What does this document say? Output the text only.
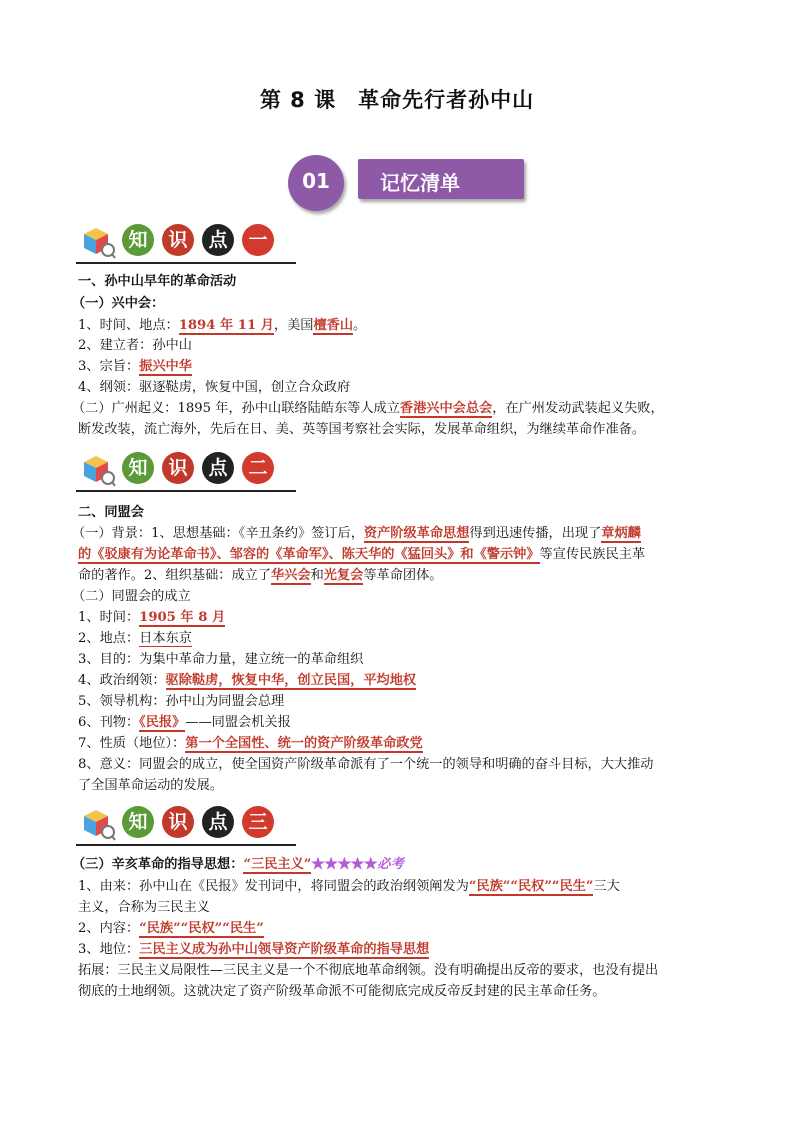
第 8 课　革命先行者孙中山
01	记忆清单
知	识	点	一
一、孙中山早年的革命活动
（一）兴中会：
1、时间、地点：1894 年 11 月，美国檀香山。
2、建立者：孙中山
3、宗旨：振兴中华
4、纲领：驱逐鞑虏，恢复中国，创立合众政府
（二）广州起义：1895 年，孙中山联络陆皓东等人成立香港兴中会总会，在广州发动武装起义失败，
断发改装，流亡海外，先后在日、美、英等国考察社会实际，发展革命组织，为继续革命作准备。
知	识	点	二
二、同盟会
（一）背景：1、思想基础：《辛丑条约》签订后，资产阶级革命思想得到迅速传播，出现了章炳麟
的《驳康有为论革命书》、邹容的《革命军》、陈天华的《猛回头》和《警示钟》等宣传民族民主革
命的著作。2、组织基础：成立了华兴会和光复会等革命团体。
（二）同盟会的成立
1、时间：1905 年 8 月
2、地点：日本东京
3、目的：为集中革命力量，建立统一的革命组织
4、政治纲领：驱除鞑虏，恢复中华，创立民国，平均地权
5、领导机构：孙中山为同盟会总理
6、刊物：《民报》——同盟会机关报
7、性质（地位）：第一个全国性、统一的资产阶级革命政党
8、意义：同盟会的成立，使全国资产阶级革命派有了一个统一的领导和明确的奋斗目标，大大推动
了全国革命运动的发展。
知	识	点	三
（三）辛亥革命的指导思想：“三民主义”★★★★★必考
1、由来：孙中山在《民报》发刊词中，将同盟会的政治纲领阐发为“民族”“民权”“民生”三大
主义，合称为三民主义
2、内容：“民族”“民权”“民生”
3、地位：三民主义成为孙中山领导资产阶级革命的指导思想
拓展：三民主义局限性—三民主义是一个不彻底地革命纲领。没有明确提出反帝的要求，也没有提出
彻底的土地纲领。这就决定了资产阶级革命派不可能彻底完成反帝反封建的民主革命任务。
